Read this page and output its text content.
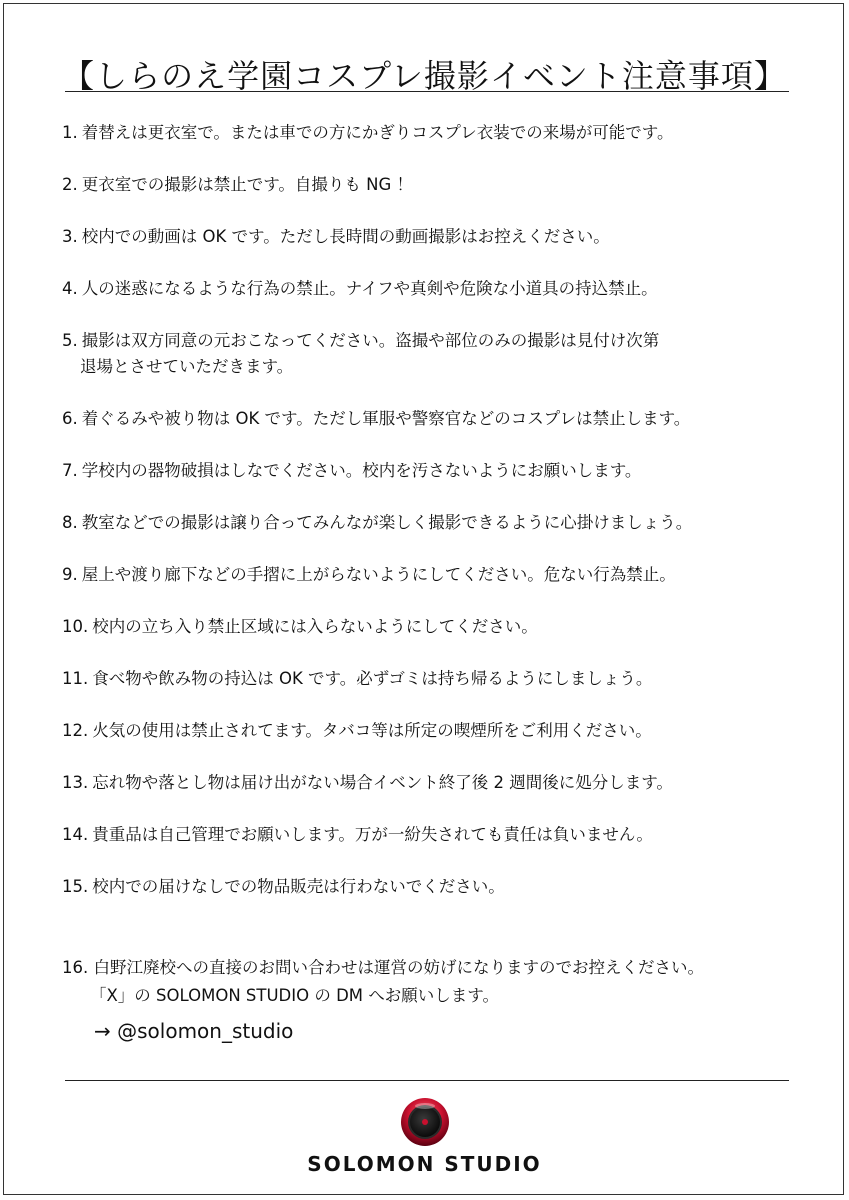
【しらのえ学園コスプレ撮影イベント注意事項】
1. 着替えは更衣室で。または車での方にかぎりコスプレ衣装での来場が可能です。
2. 更衣室での撮影は禁止です。自撮りも NG ！
3. 校内での動画は OK です。ただし長時間の動画撮影はお控えください。
4. 人の迷惑になるような行為の禁止。ナイフや真剣や危険な小道具の持込禁止。
5. 撮影は双方同意の元おこなってください。盗撮や部位のみの撮影は見付け次第
退場とさせていただきます。
6. 着ぐるみや被り物は OK です。ただし軍服や警察官などのコスプレは禁止します。
7. 学校内の器物破損はしなでください。校内を汚さないようにお願いします。
8. 教室などでの撮影は譲り合ってみんなが楽しく撮影できるように心掛けましょう。
9. 屋上や渡り廊下などの手摺に上がらないようにしてください。危ない行為禁止。
10. 校内の立ち入り禁止区域には入らないようにしてください。
11. 食べ物や飲み物の持込は OK です。必ずゴミは持ち帰るようにしましょう。
12. 火気の使用は禁止されてます。タバコ等は所定の喫煙所をご利用ください。
13. 忘れ物や落とし物は届け出がない場合イベント終了後 2 週間後に処分します。
14. 貴重品は自己管理でお願いします。万が一紛失されても責任は負いません。
15. 校内での届けなしでの物品販売は行わないでください。
16. 白野江廃校への直接のお問い合わせは運営の妨げになりますのでお控えください。
「X」の SOLOMON STUDIO の DM へお願いします。
→ @solomon_studio
SOLOMON STUDIO
